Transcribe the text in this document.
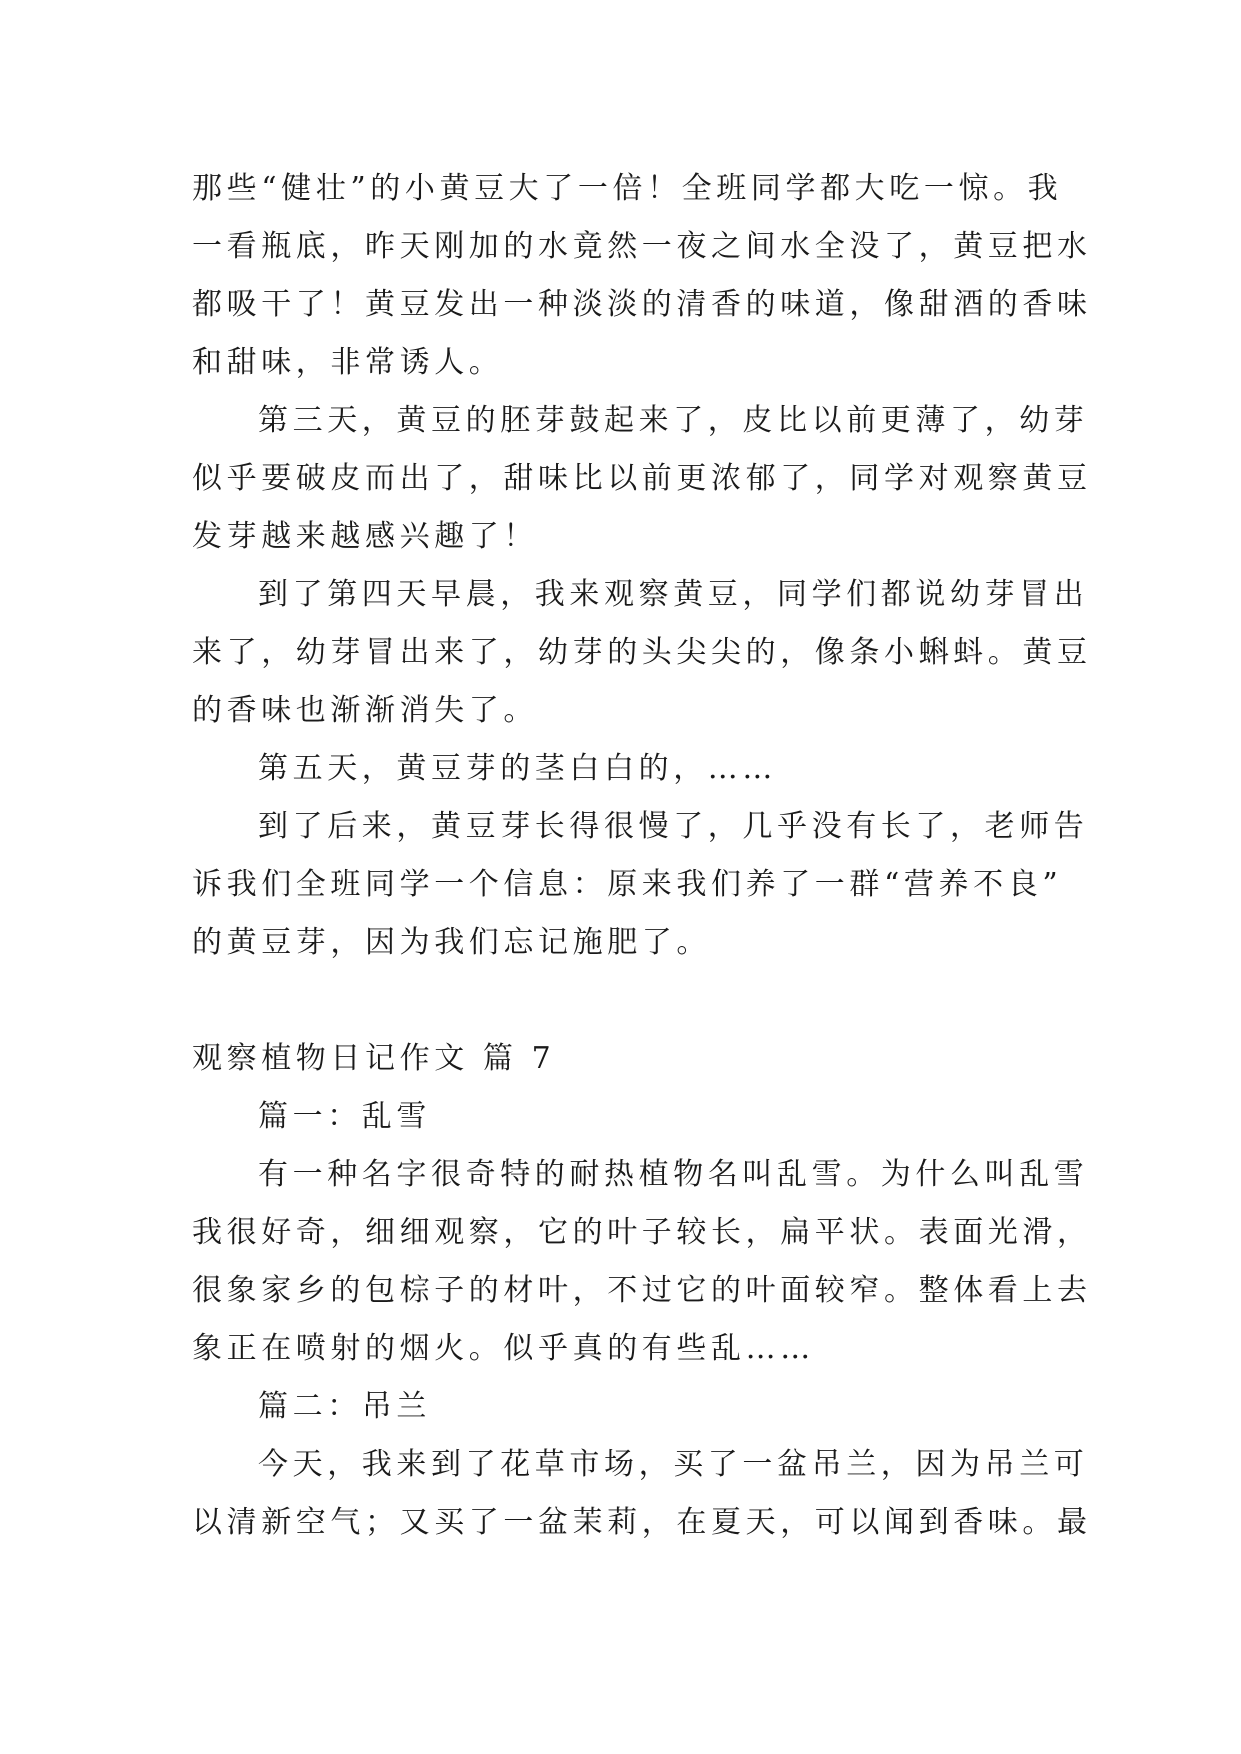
那些“健壮”的小黄豆大了一倍！全班同学都大吃一惊。我
一看瓶底，昨天刚加的水竟然一夜之间水全没了，黄豆把水
都吸干了！黄豆发出一种淡淡的清香的味道，像甜酒的香味
和甜味，非常诱人。
第三天，黄豆的胚芽鼓起来了，皮比以前更薄了，幼芽
似乎要破皮而出了，甜味比以前更浓郁了，同学对观察黄豆
发芽越来越感兴趣了！
到了第四天早晨，我来观察黄豆，同学们都说幼芽冒出
来了，幼芽冒出来了，幼芽的头尖尖的，像条小蝌蚪。黄豆
的香味也渐渐消失了。
第五天，黄豆芽的茎白白的，……
到了后来，黄豆芽长得很慢了，几乎没有长了，老师告
诉我们全班同学一个信息：原来我们养了一群“营养不良”
的黄豆芽，因为我们忘记施肥了。
观察植物日记作文 篇 7
篇一：乱雪
有一种名字很奇特的耐热植物名叫乱雪。为什么叫乱雪
我很好奇，细细观察，它的叶子较长，扁平状。表面光滑，
很象家乡的包棕子的材叶，不过它的叶面较窄。整体看上去
象正在喷射的烟火。似乎真的有些乱……
篇二：吊兰
今天，我来到了花草市场，买了一盆吊兰，因为吊兰可
以清新空气；又买了一盆茉莉，在夏天，可以闻到香味。最
